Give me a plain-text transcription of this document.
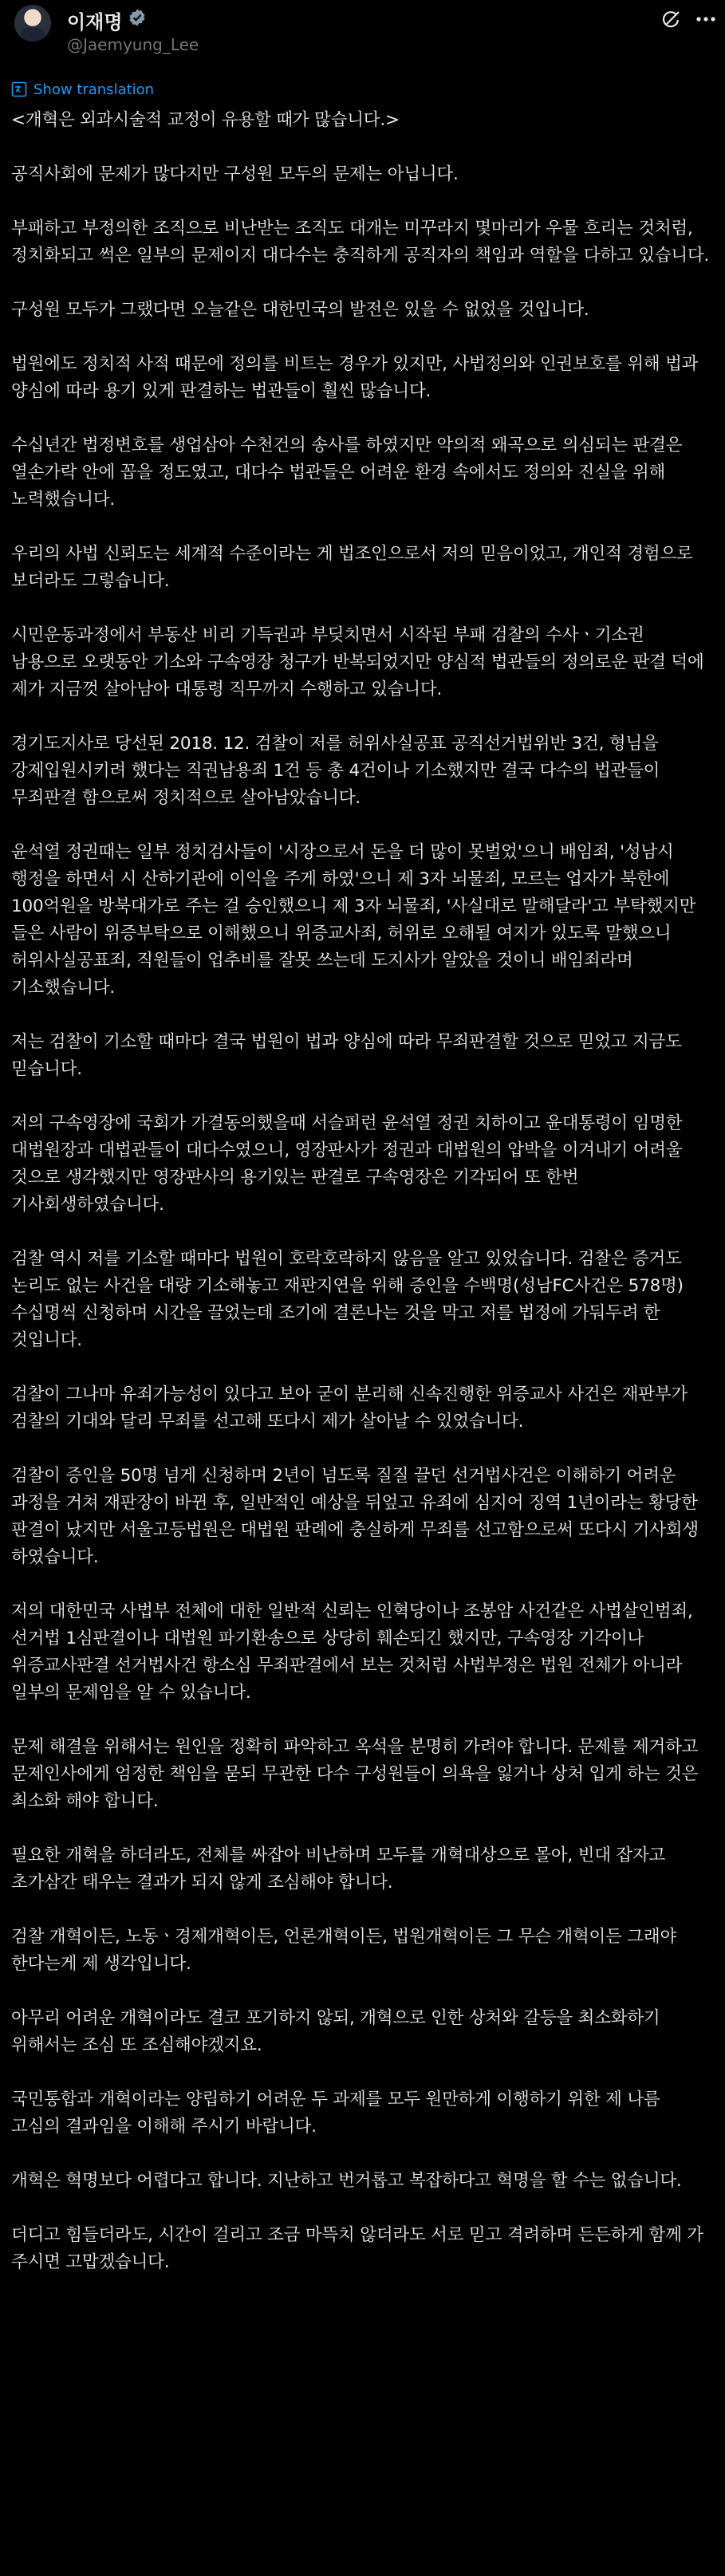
이재명
@Jaemyung_Lee
Show translation

<개혁은 외과시술적 교정이 유용할 때가 많습니다.>

공직사회에 문제가 많다지만 구성원 모두의 문제는 아닙니다.

부패하고 부정의한 조직으로 비난받는 조직도 대개는 미꾸라지 몇마리가 우물 흐리는 것처럼, 정치화되고 썩은 일부의 문제이지 대다수는 충직하게 공직자의 책임과 역할을 다하고 있습니다.

구성원 모두가 그랬다면 오늘같은 대한민국의 발전은 있을 수 없었을 것입니다.

법원에도 정치적 사적 때문에 정의를 비트는 경우가 있지만, 사법정의와 인권보호를 위해 법과 양심에 따라 용기 있게 판결하는 법관들이 훨씬 많습니다.

수십년간 법정변호를 생업삼아 수천건의 송사를 하였지만 악의적 왜곡으로 의심되는 판결은 열손가락 안에 꼽을 정도였고, 대다수 법관들은 어려운 환경 속에서도 정의와 진실을 위해 노력했습니다.

우리의 사법 신뢰도는 세계적 수준이라는 게 법조인으로서 저의 믿음이었고, 개인적 경험으로 보더라도 그렇습니다.

시민운동과정에서 부동산 비리 기득권과 부딪치면서 시작된 부패 검찰의 수사ㆍ기소권 남용으로 오랫동안 기소와 구속영장 청구가 반복되었지만 양심적 법관들의 정의로운 판결 덕에 제가 지금껏 살아남아 대통령 직무까지 수행하고 있습니다.

경기도지사로 당선된 2018. 12. 검찰이 저를 허위사실공표 공직선거법위반 3건, 형님을 강제입원시키려 했다는 직권남용죄 1건 등 총 4건이나 기소했지만 결국 다수의 법관들이 무죄판결 함으로써 정치적으로 살아남았습니다.

윤석열 정권때는 일부 정치검사들이 '시장으로서 돈을 더 많이 못벌었'으니 배임죄, '성남시 행정을 하면서 시 산하기관에 이익을 주게 하였'으니 제 3자 뇌물죄, 모르는 업자가 북한에 100억원을 방북대가로 주는 걸 승인했으니 제 3자 뇌물죄, '사실대로 말해달라'고 부탁했지만 들은 사람이 위증부탁으로 이해했으니 위증교사죄, 허위로 오해될 여지가 있도록 말했으니 허위사실공표죄, 직원들이 업추비를 잘못 쓰는데 도지사가 알았을 것이니 배임죄라며 기소했습니다.

저는 검찰이 기소할 때마다 결국 법원이 법과 양심에 따라 무죄판결할 것으로 믿었고 지금도 믿습니다.

저의 구속영장에 국회가 가결동의했을때 서슬퍼런 윤석열 정권 치하이고 윤대통령이 임명한 대법원장과 대법관들이 대다수였으니, 영장판사가 정권과 대법원의 압박을 이겨내기 어려울 것으로 생각했지만 영장판사의 용기있는 판결로 구속영장은 기각되어 또 한번 기사회생하였습니다.

검찰 역시 저를 기소할 때마다 법원이 호락호락하지 않음을 알고 있었습니다. 검찰은 증거도 논리도 없는 사건을 대량 기소해놓고 재판지연을 위해 증인을 수백명(성남FC사건은 578명) 수십명씩 신청하며 시간을 끌었는데 조기에 결론나는 것을 막고 저를 법정에 가둬두려 한 것입니다.

검찰이 그나마 유죄가능성이 있다고 보아 굳이 분리해 신속진행한 위증교사 사건은 재판부가 검찰의 기대와 달리 무죄를 선고해 또다시 제가 살아날 수 있었습니다.

검찰이 증인을 50명 넘게 신청하며 2년이 넘도록 질질 끌던 선거법사건은 이해하기 어려운 과정을 거쳐 재판장이 바뀐 후, 일반적인 예상을 뒤엎고 유죄에 심지어 징역 1년이라는 황당한 판결이 났지만 서울고등법원은 대법원 판례에 충실하게 무죄를 선고함으로써 또다시 기사회생 하였습니다.

저의 대한민국 사법부 전체에 대한 일반적 신뢰는 인혁당이나 조봉암 사건같은 사법살인범죄, 선거법 1심판결이나 대법원 파기환송으로 상당히 훼손되긴 했지만, 구속영장 기각이나 위증교사판결 선거법사건 항소심 무죄판결에서 보는 것처럼 사법부정은 법원 전체가 아니라 일부의 문제임을 알 수 있습니다.

문제 해결을 위해서는 원인을 정확히 파악하고 옥석을 분명히 가려야 합니다. 문제를 제거하고 문제인사에게 엄정한 책임을 묻되 무관한 다수 구성원들이 의욕을 잃거나 상처 입게 하는 것은 최소화 해야 합니다.

필요한 개혁을 하더라도, 전체를 싸잡아 비난하며 모두를 개혁대상으로 몰아, 빈대 잡자고 초가삼간 태우는 결과가 되지 않게 조심해야 합니다.

검찰 개혁이든, 노동ㆍ경제개혁이든, 언론개혁이든, 법원개혁이든 그 무슨 개혁이든 그래야 한다는게 제 생각입니다.

아무리 어려운 개혁이라도 결코 포기하지 않되, 개혁으로 인한 상처와 갈등을 최소화하기 위해서는 조심 또 조심해야겠지요.

국민통합과 개혁이라는 양립하기 어려운 두 과제를 모두 원만하게 이행하기 위한 제 나름 고심의 결과임을 이해해 주시기 바랍니다.

개혁은 혁명보다 어렵다고 합니다. 지난하고 번거롭고 복잡하다고 혁명을 할 수는 없습니다.

더디고 힘들더라도, 시간이 걸리고 조금 마뜩치 않더라도 서로 믿고 격려하며 든든하게 함께 가 주시면 고맙겠습니다.
